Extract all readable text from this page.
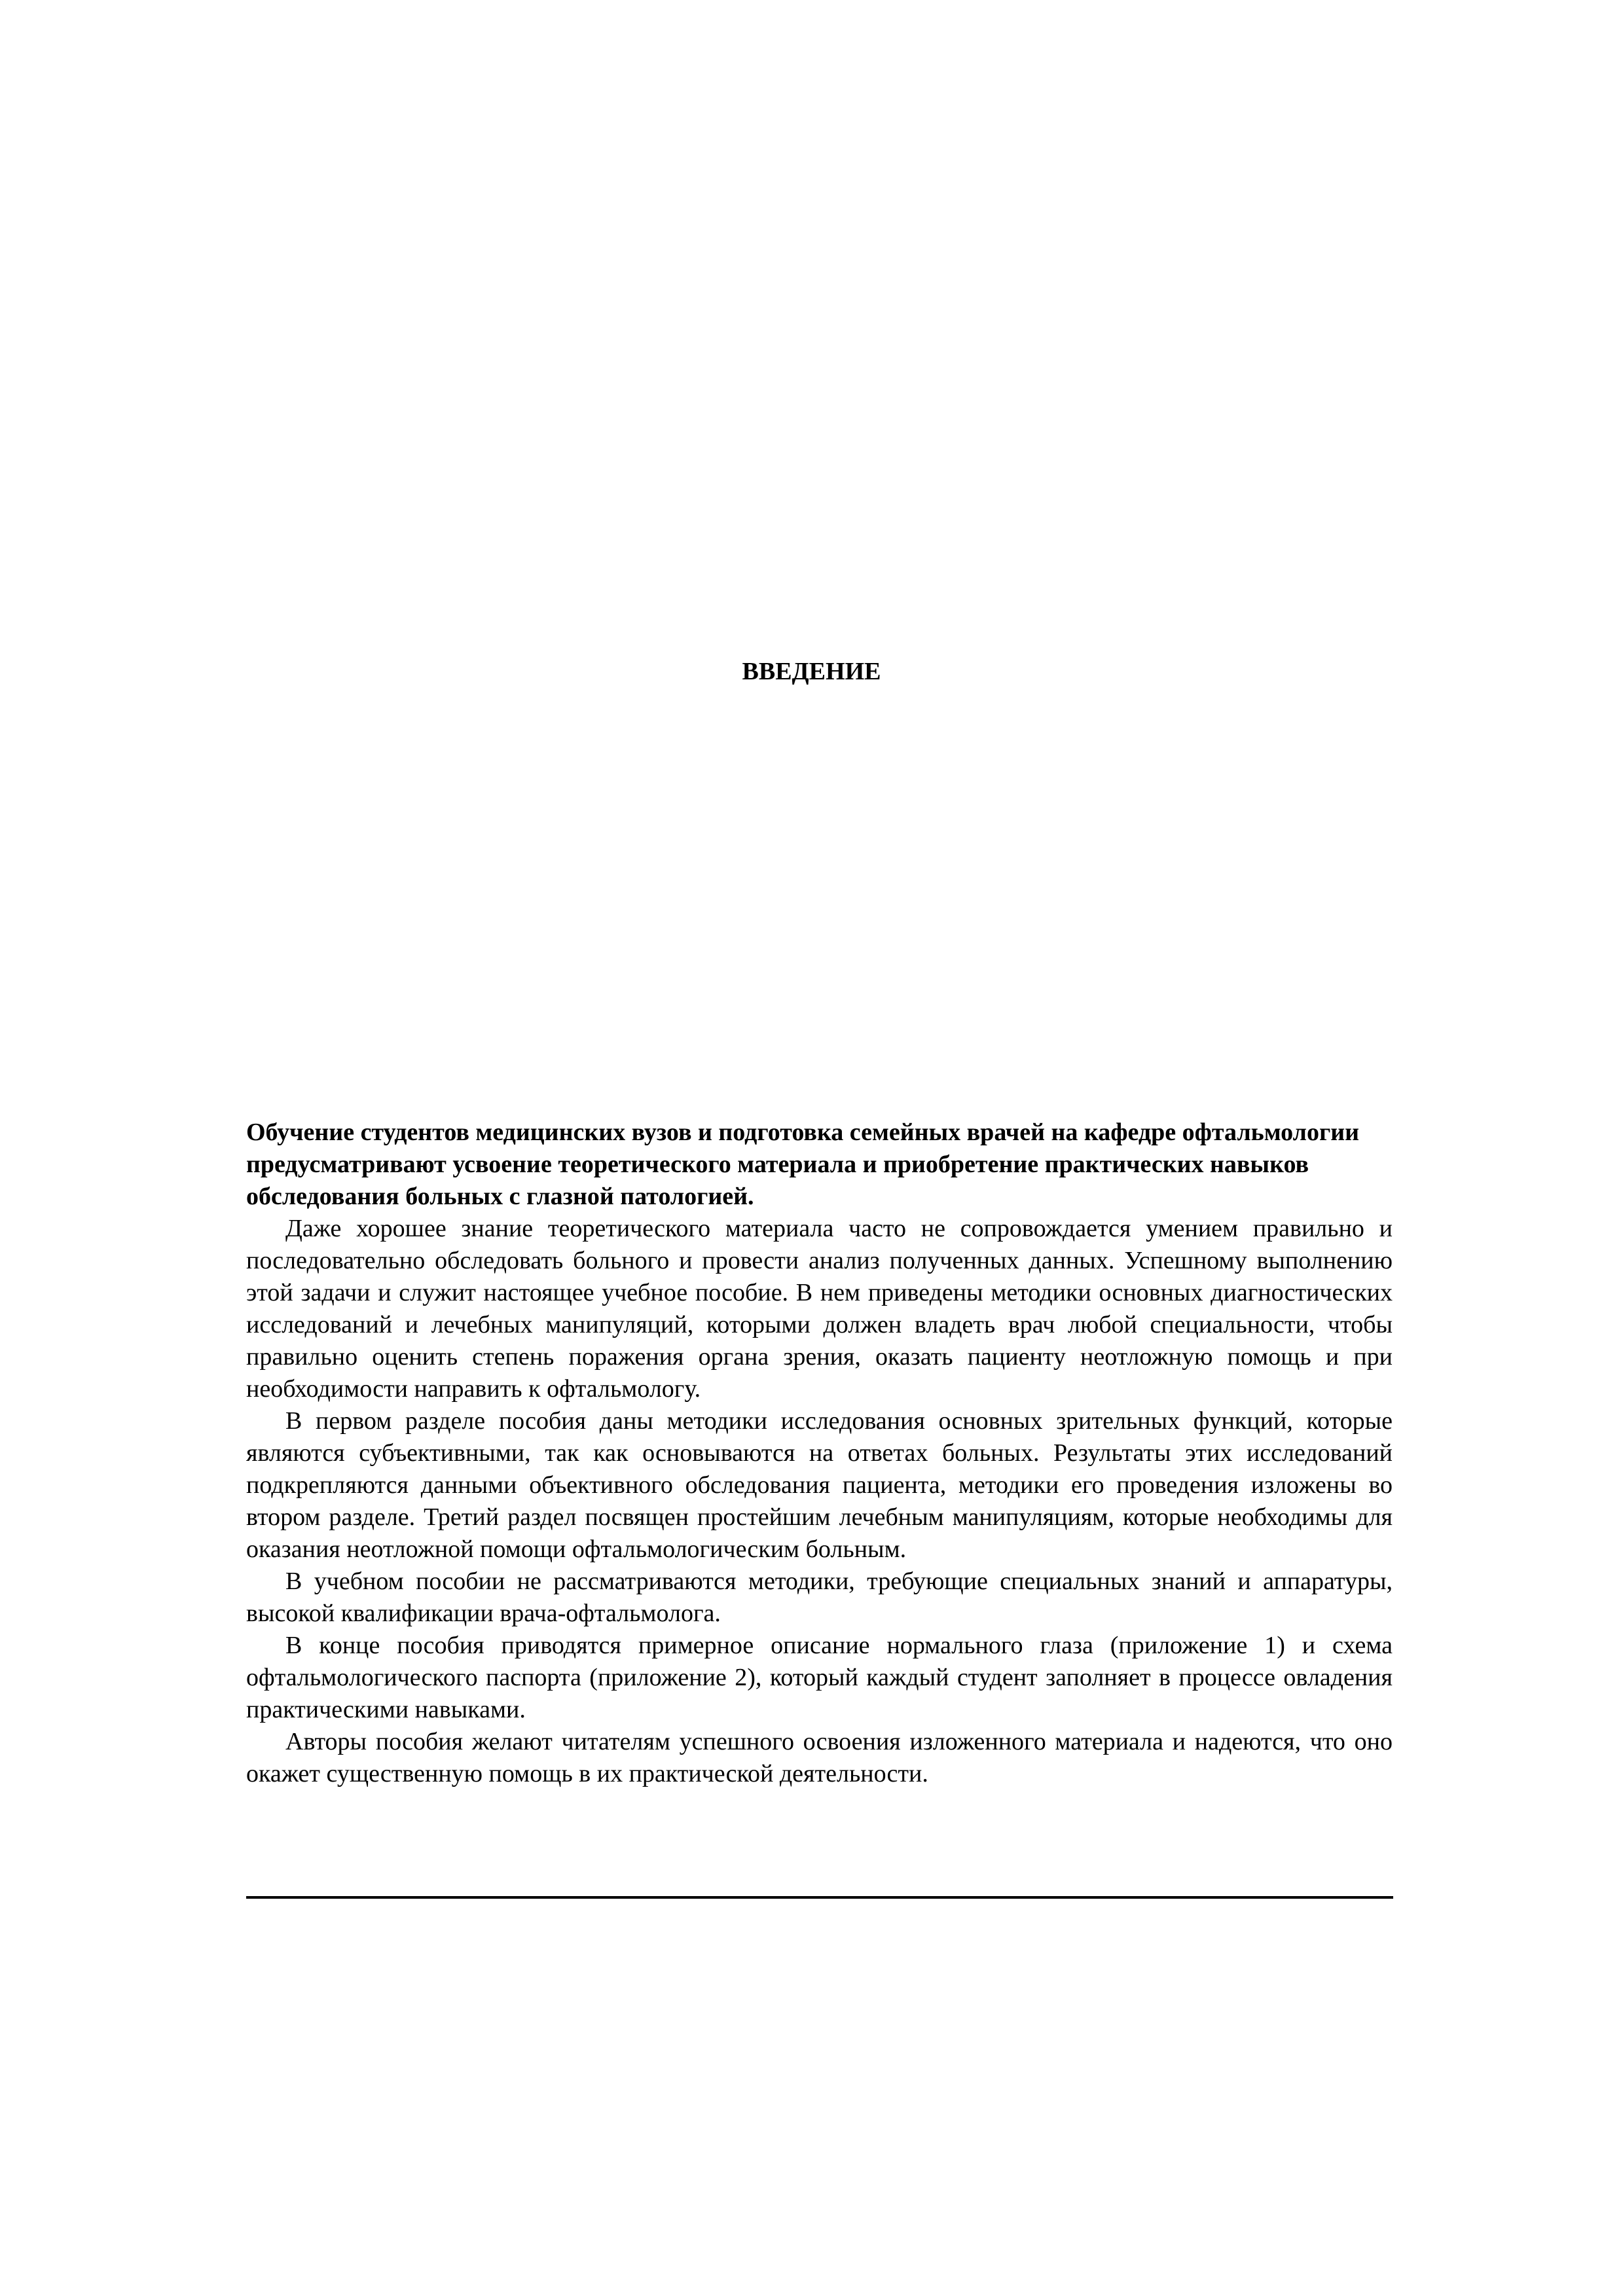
ВВЕДЕНИЕ

Обучение студентов медицинских вузов и подготовка семейных врачей на кафедре офтальмологии предусматривают усвоение теоретического материала и приобретение практических навыков обследования больных с глазной патологией.

Даже хорошее знание теоретического материала часто не сопровождается умением правильно и последовательно обследовать больного и провести анализ полученных данных. Успешному выполнению этой задачи и служит настоящее учебное пособие. В нем приведены методики основных диагностических исследований и лечебных манипуляций, которыми должен владеть врач любой специальности, чтобы правильно оценить степень поражения органа зрения, оказать пациенту неотложную помощь и при необходимости направить к офтальмологу.

В первом разделе пособия даны методики исследования основных зрительных функций, которые являются субъективными, так как основываются на ответах больных. Результаты этих исследований подкрепляются данными объективного обследования пациента, методики его проведения изложены во втором разделе. Третий раздел посвящен простейшим лечебным манипуляциям, которые необходимы для оказания неотложной помощи офтальмологическим больным.

В учебном пособии не рассматриваются методики, требующие специальных знаний и аппаратуры, высокой квалификации врача-офтальмолога.

В конце пособия приводятся примерное описание нормального глаза (приложение 1) и схема офтальмологического паспорта (приложение 2), который каждый студент заполняет в процессе овладения практическими навыками.

Авторы пособия желают читателям успешного освоения изложенного материала и надеются, что оно окажет существенную помощь в их практической деятельности.
